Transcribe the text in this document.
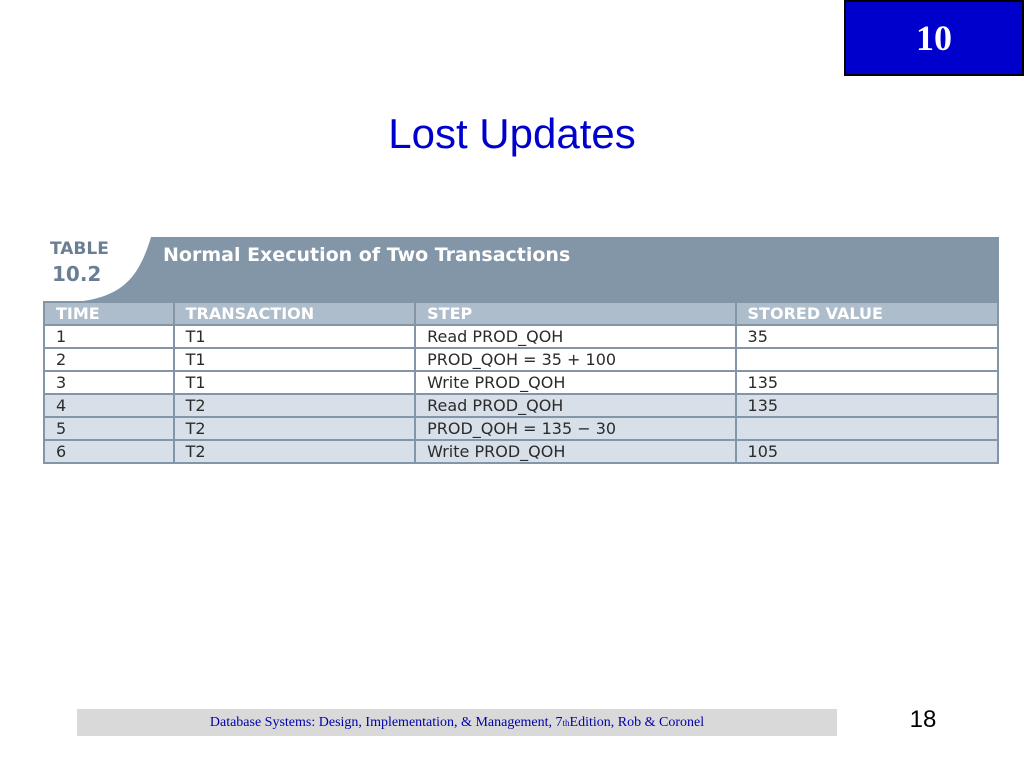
10
Lost Updates
TABLE
10.2
Normal Execution of Two Transactions
TIME	TRANSACTION	STEP	STORED VALUE
1	T1	Read PROD_QOH	35
2	T1	PROD_QOH = 35 + 100	
3	T1	Write PROD_QOH	135
4	T2	Read PROD_QOH	135
5	T2	PROD_QOH = 135 − 30	
6	T2	Write PROD_QOH	105
Database Systems: Design, Implementation, & Management, 7 th Edition, Rob & Coronel	18
